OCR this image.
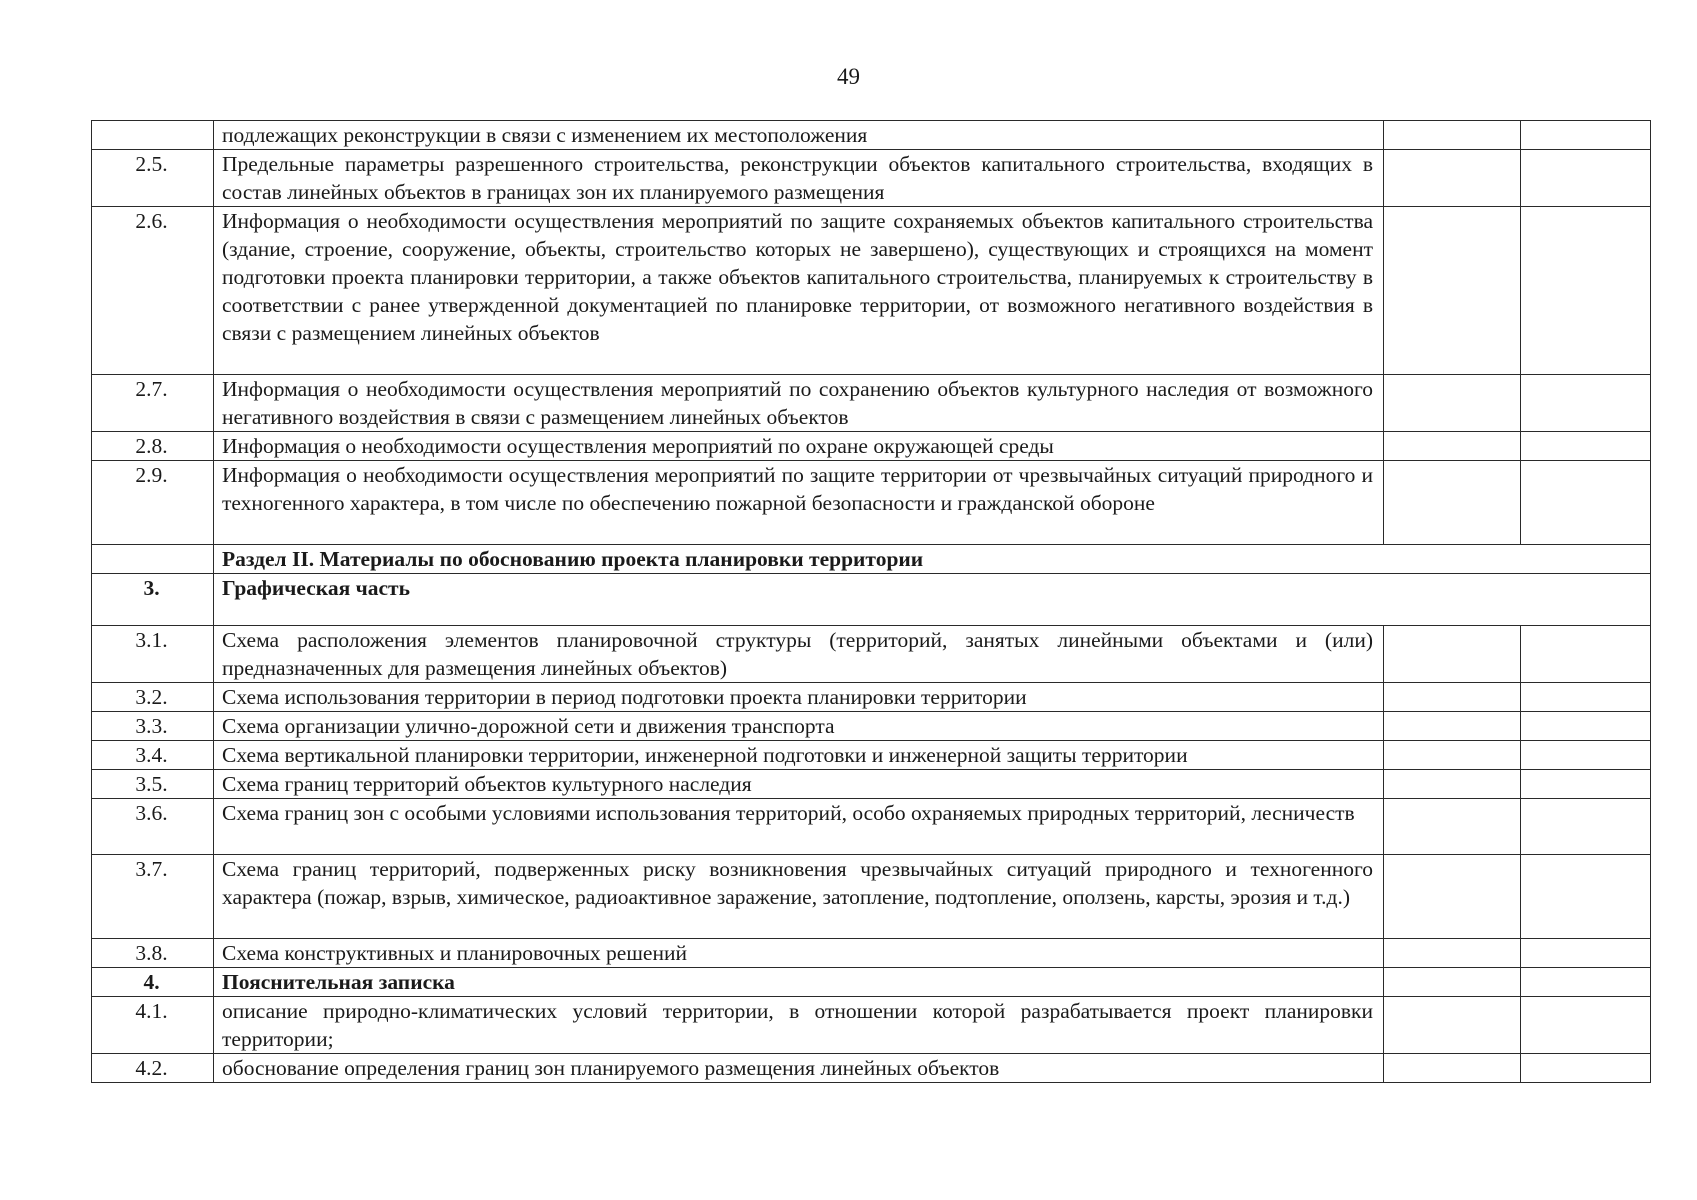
49
	подлежащих реконструкции в связи с изменением их местоположения		
2.5.	Предельные параметры разрешенного строительства, реконструкции объектов капитального строительства, входящих в состав линейных объектов в границах зон их планируемого размещения		
2.6.	Информация о необходимости осуществления мероприятий по защите сохраняемых объектов капитального строительства (здание, строение, сооружение, объекты, строительство которых не завершено), существующих и строящихся на момент подготовки проекта планировки территории, а также объектов капитального строительства, планируемых к строительству в соответствии с ранее утвержденной документацией по планировке территории, от возможного негативного воздействия в связи с размещением линейных объектов		
2.7.	Информация о необходимости осуществления мероприятий по сохранению объектов культурного наследия от возможного негативного воздействия в связи с размещением линейных объектов		
2.8.	Информация о необходимости осуществления мероприятий по охране окружающей среды		
2.9.	Информация о необходимости осуществления мероприятий по защите территории от чрезвычайных ситуаций природного и техногенного характера, в том числе по обеспечению пожарной безопасности и гражданской обороне		
	Раздел II. Материалы по обоснованию проекта планировки территории		
3.	Графическая часть		
3.1.	Схема расположения элементов планировочной структуры (территорий, занятых линейными объектами и (или) предназначенных для размещения линейных объектов)		
3.2.	Схема использования территории в период подготовки проекта планировки территории		
3.3.	Схема организации улично-дорожной сети и движения транспорта		
3.4.	Схема вертикальной планировки территории, инженерной подготовки и инженерной защиты территории		
3.5.	Схема границ территорий объектов культурного наследия		
3.6.	Схема границ зон с особыми условиями использования территорий, особо охраняемых природных территорий, лесничеств		
3.7.	Схема границ территорий, подверженных риску возникновения чрезвычайных ситуаций природного и техногенного характера (пожар, взрыв, химическое, радиоактивное заражение, затопление, подтопление, оползень, карсты, эрозия и т.д.)		
3.8.	Схема конструктивных и планировочных решений		
4.	Пояснительная записка		
4.1.	описание природно-климатических условий территории, в отношении которой разрабатывается проект планировки территории;		
4.2.	обоснование определения границ зон планируемого размещения линейных объектов		
